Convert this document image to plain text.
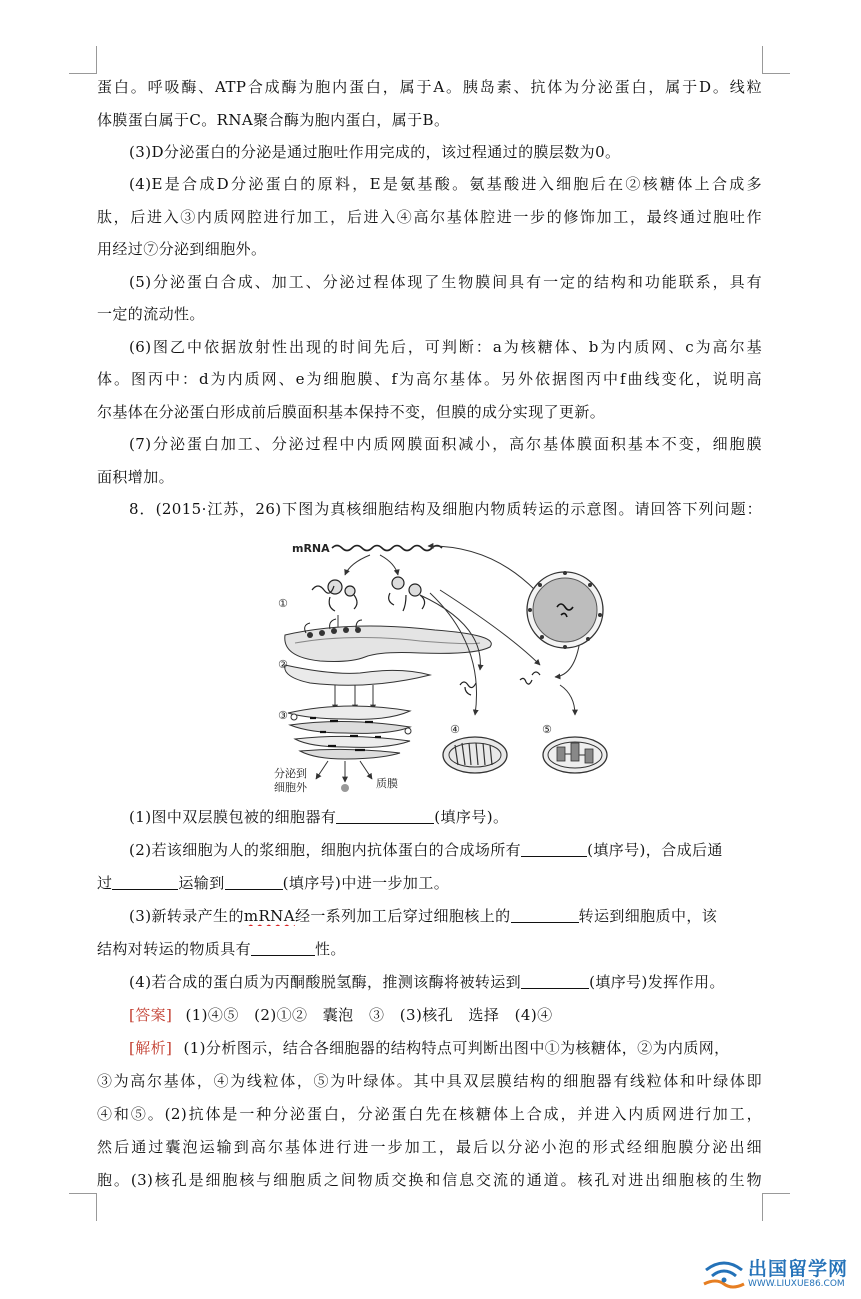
蛋白。呼吸酶、ATP合成酶为胞内蛋白，属于A。胰岛素、抗体为分泌蛋白，属于D。线粒
体膜蛋白属于C。RNA聚合酶为胞内蛋白，属于B。
(3)D分泌蛋白的分泌是通过胞吐作用完成的，该过程通过的膜层数为0。
(4)E是合成D分泌蛋白的原料，E是氨基酸。氨基酸进入细胞后在②核糖体上合成多
肽，后进入③内质网腔进行加工，后进入④高尔基体腔进一步的修饰加工，最终通过胞吐作
用经过⑦分泌到细胞外。
(5)分泌蛋白合成、加工、分泌过程体现了生物膜间具有一定的结构和功能联系，具有
一定的流动性。
(6)图乙中依据放射性出现的时间先后，可判断：a为核糖体、b为内质网、c为高尔基
体。图丙中：d为内质网、e为细胞膜、f为高尔基体。另外依据图丙中f曲线变化，说明高
尔基体在分泌蛋白形成前后膜面积基本保持不变，但膜的成分实现了更新。
(7)分泌蛋白加工、分泌过程中内质网膜面积减小，高尔基体膜面积基本不变，细胞膜
面积增加。
8．(2015·江苏，26)下图为真核细胞结构及细胞内物质转运的示意图。请回答下列问题：
mRNA
①
②
③
分泌到
细胞外	质膜
④	⑤
(1)图中双层膜包被的细胞器有	(填序号)。
(2)若该细胞为人的浆细胞，细胞内抗体蛋白的合成场所有	(填序号)，合成后通
过	运输到	(填序号)中进一步加工。
(3)新转录产生的mRNA经一系列加工后穿过细胞核上的	转运到细胞质中，该
结构对转运的物质具有	性。
(4)若合成的蛋白质为丙酮酸脱氢酶，推测该酶将被转运到	(填序号)发挥作用。
[答案] (1)④⑤　(2)①②　囊泡　③　(3)核孔　选择　(4)④
[解析] (1)分析图示，结合各细胞器的结构特点可判断出图中①为核糖体，②为内质网，
③为高尔基体，④为线粒体，⑤为叶绿体。其中具双层膜结构的细胞器有线粒体和叶绿体即
④和⑤。(2)抗体是一种分泌蛋白，分泌蛋白先在核糖体上合成，并进入内质网进行加工，
然后通过囊泡运输到高尔基体进行进一步加工，最后以分泌小泡的形式经细胞膜分泌出细
胞。(3)核孔是细胞核与细胞质之间物质交换和信息交流的通道。核孔对进出细胞核的生物
出国留学网
WWW.LIUXUE86.COM
